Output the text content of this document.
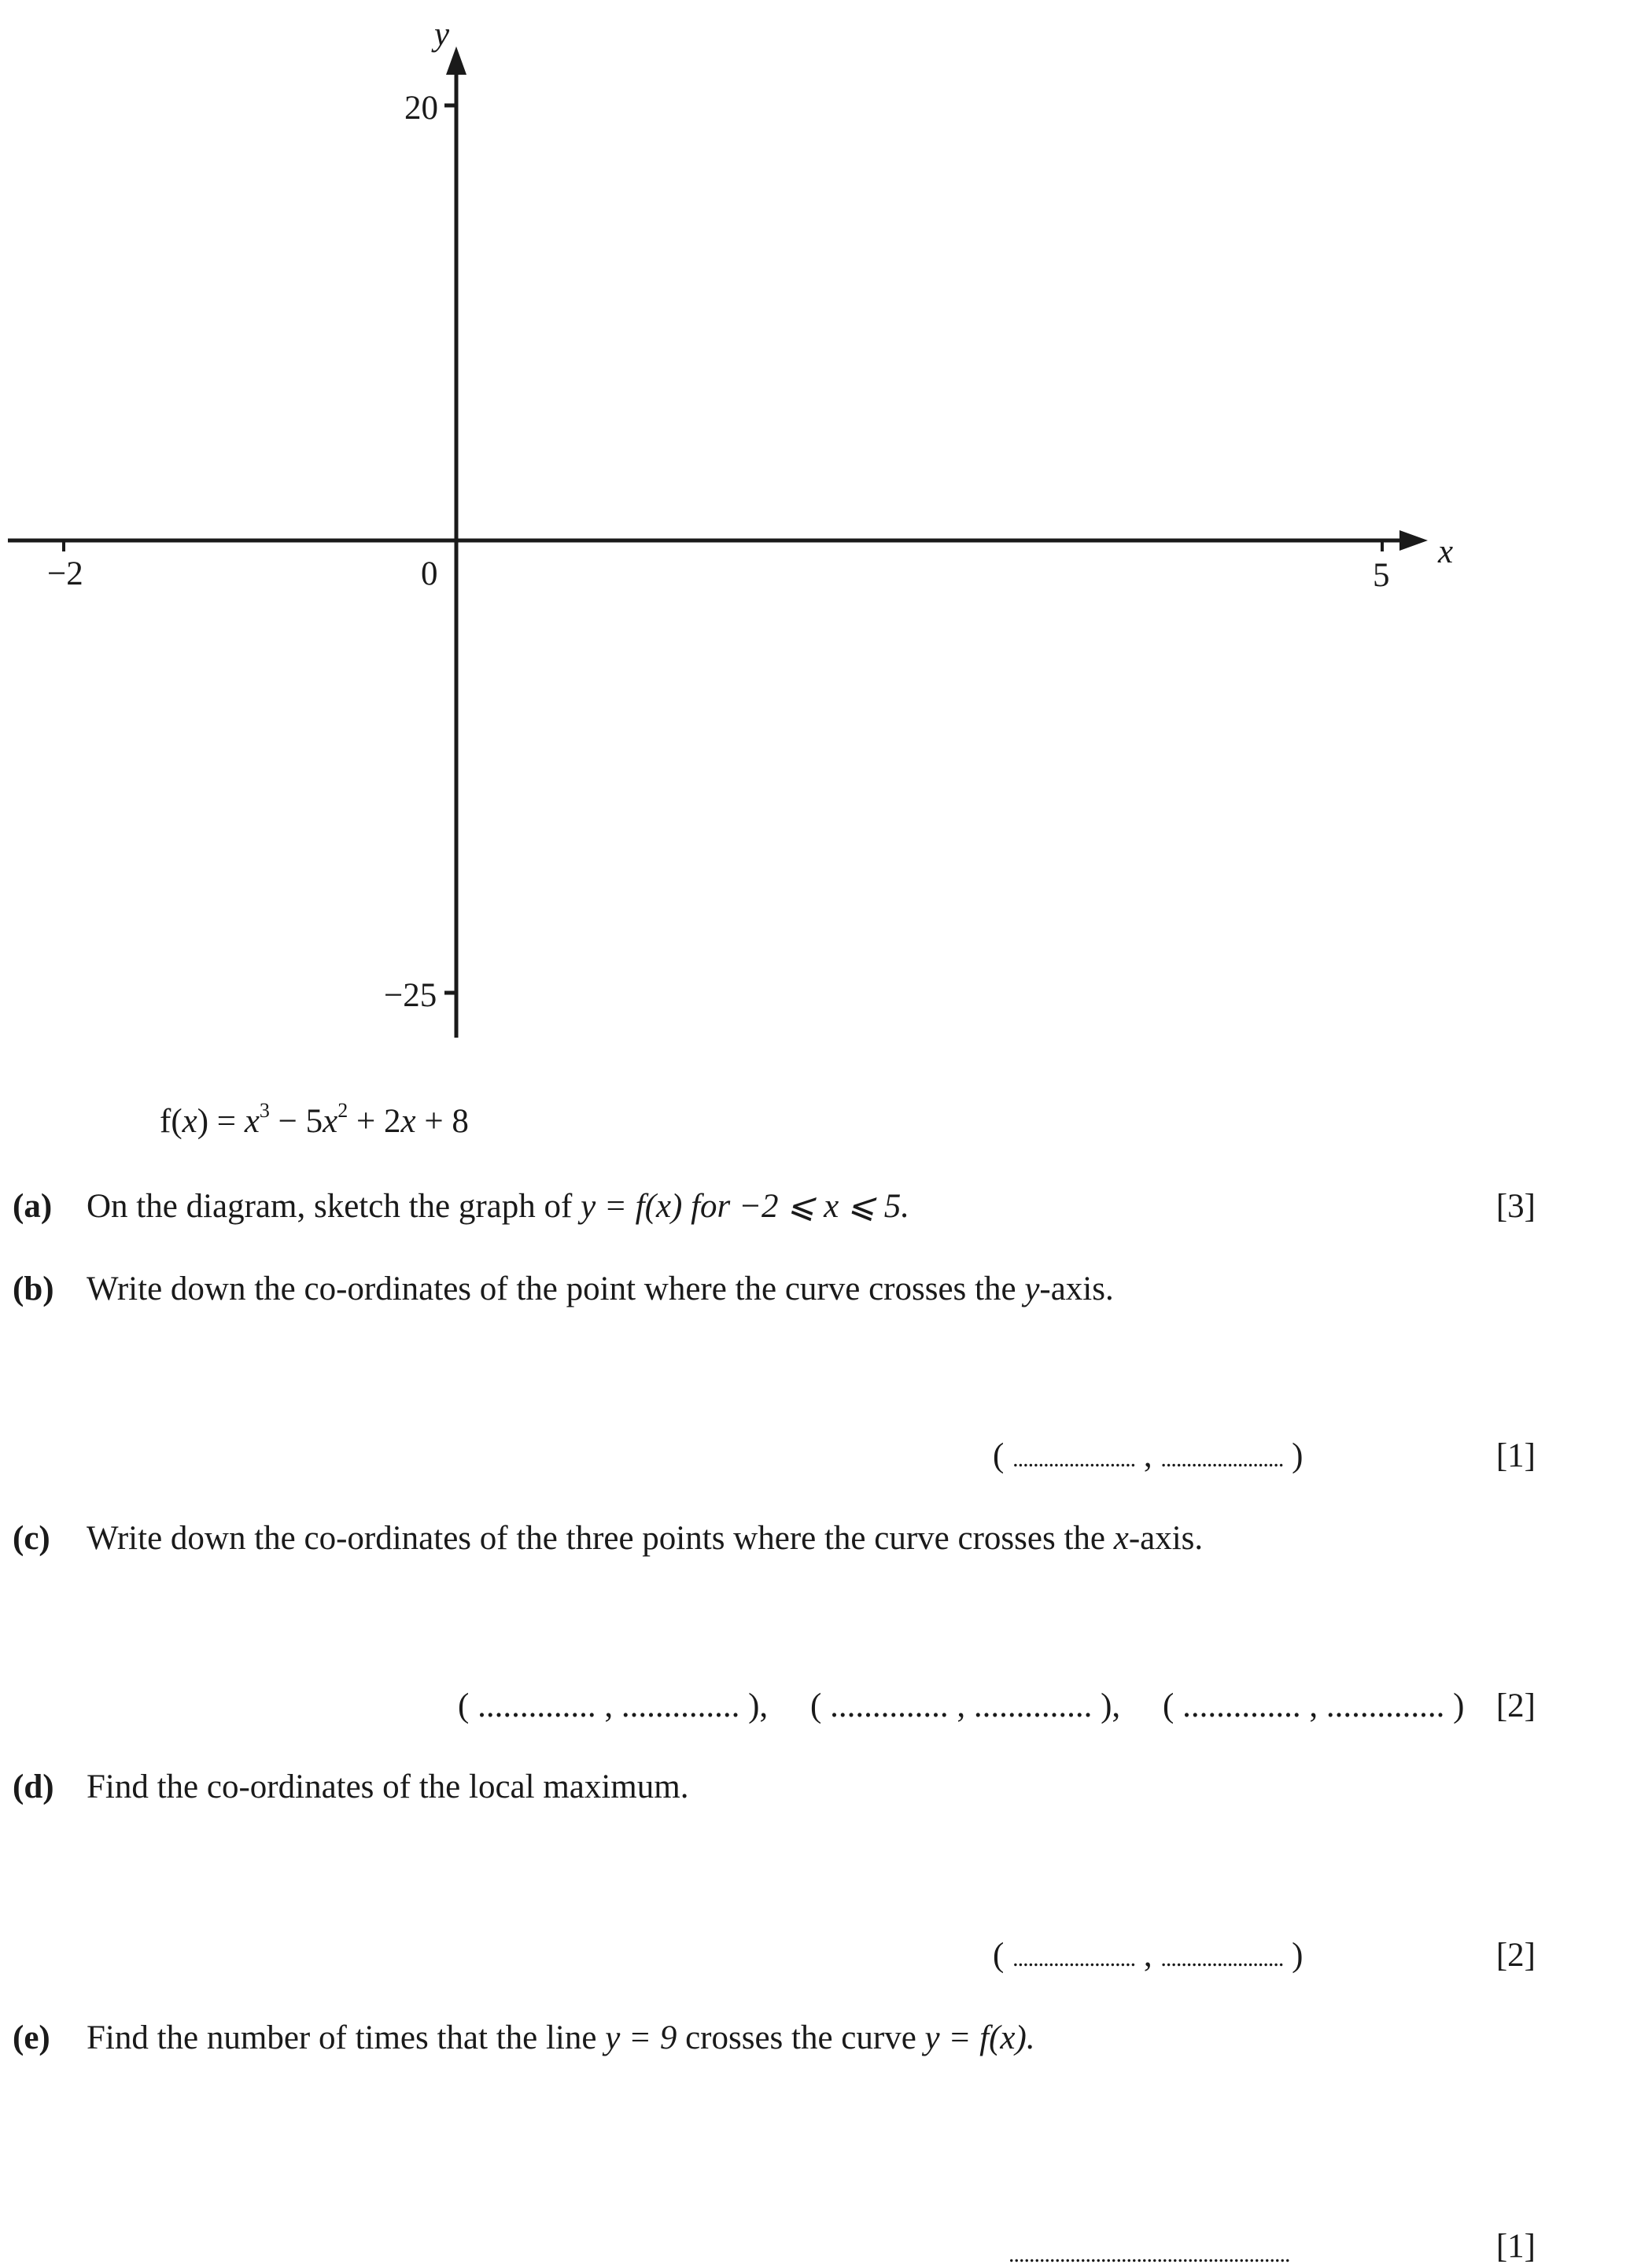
y
x
20
−25
−2	0	5
$f(x) = x^3 - 5x^2 + 2x + 8$
(a) On the diagram, sketch the graph of y = f(x) for −2 ⩽ x ⩽ 5.	[3]
(b) Write down the co-ordinates of the point where the curve crosses the y-axis.
( ........................ , ........................ )	[1]
(c) Write down the co-ordinates of the three points where the curve crosses the x-axis.
( .............. , .............. ), ( .............. , .............. ), ( .............. , .............. ) [2]
(d) Find the co-ordinates of the local maximum.
( ........................ , ........................ )	[2]
(e) Find the number of times that the line y = 9 crosses the curve y = f(x).
.......................................................	[1]
